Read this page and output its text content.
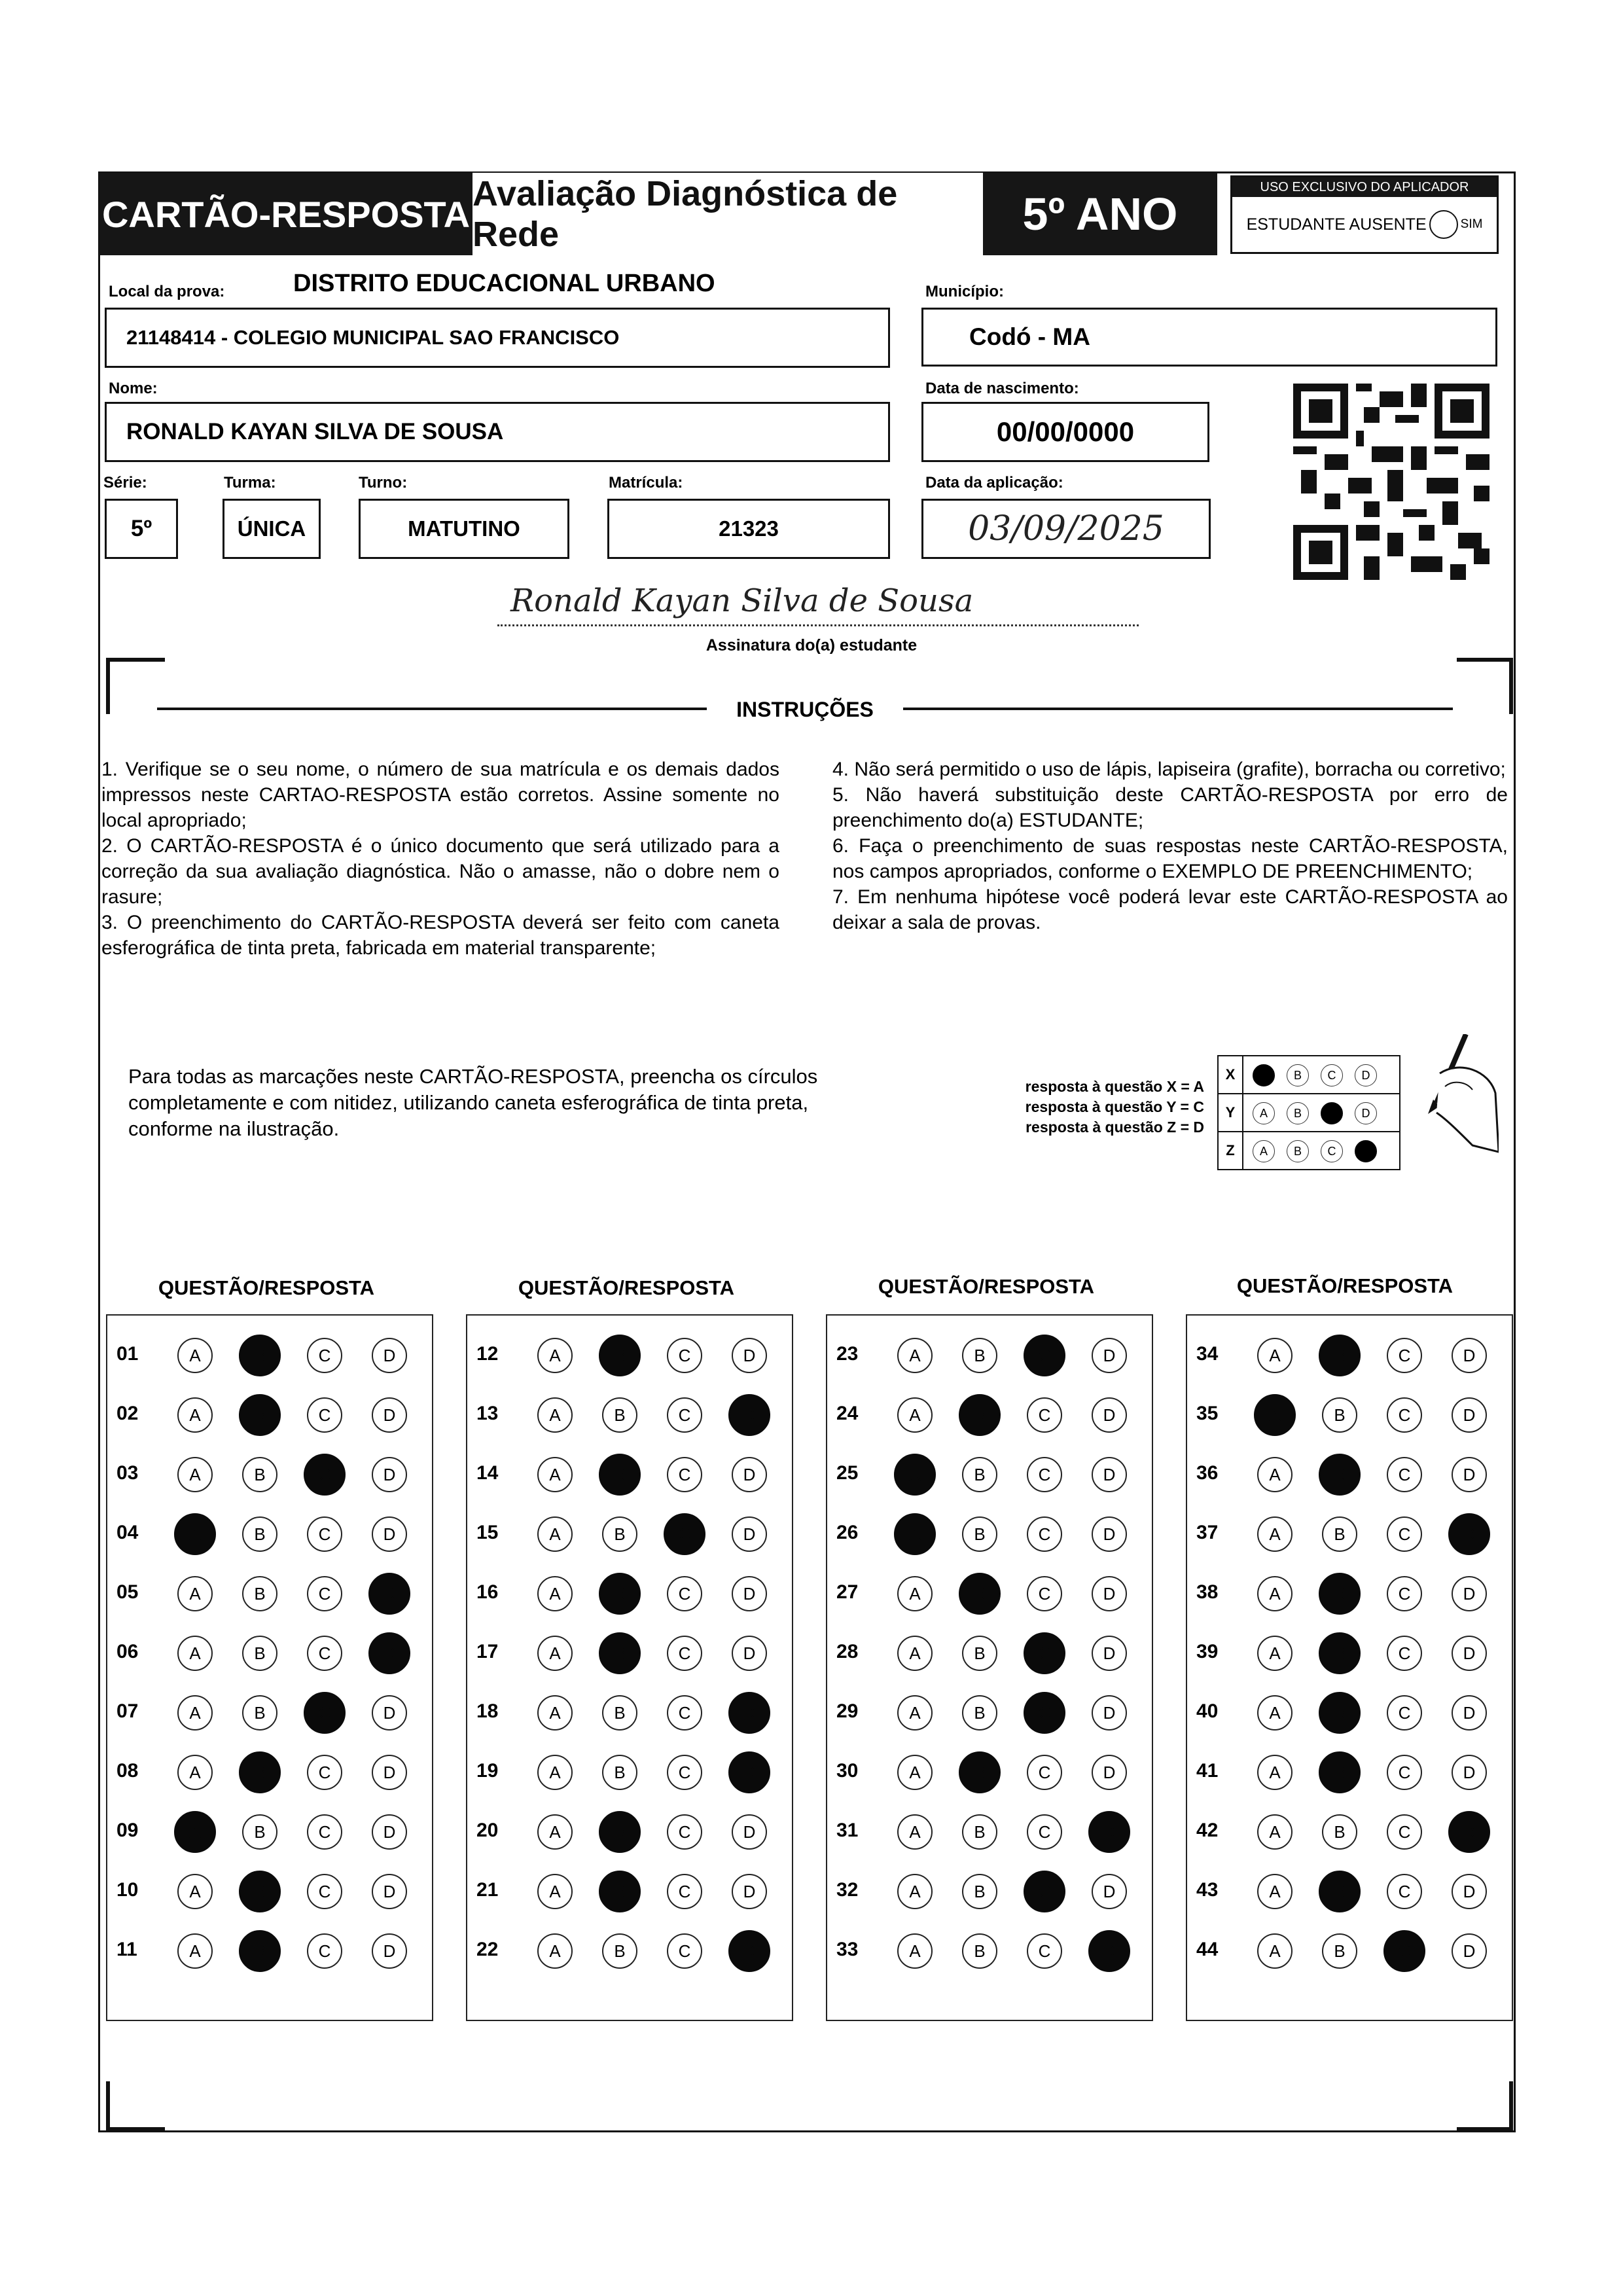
CARTÃO-RESPOSTA Avaliação Diagnóstica de Rede	5º ANO
USO EXCLUSIVO DO APLICADOR
ESTUDANTE AUSENTE	SIM
Local da prova:	DISTRITO EDUCACIONAL URBANO
21148414 - COLEGIO MUNICIPAL SAO FRANCISCO
Município:
Codó - MA
Nome:
RONALD KAYAN SILVA DE SOUSA
Data de nascimento:
00/00/0000
Série:
5º
Turma:
ÚNICA
Turno:
MATUTINO
Matrícula:
21323
Data da aplicação:
03/09/2025
Ronald Kayan Silva de Sousa
Assinatura do(a) estudante
INSTRUÇÕES

1. Verifique se o seu nome, o número de sua matrícula e os demais dados impressos neste CARTAO-RESPOSTA estão corretos. Assine somente no local apropriado;

2. O CARTÃO-RESPOSTA é o único documento que será utilizado para a correção da sua avaliação diagnóstica. Não o amasse, não o dobre nem o rasure;

3. O preenchimento do CARTÃO-RESPOSTA deverá ser feito com caneta esferográfica de tinta preta, fabricada em material transparente;

4. Não será permitido o uso de lápis, lapiseira (grafite), borracha ou corretivo;

5. Não haverá substituição deste CARTÃO-RESPOSTA por erro de preenchimento do(a) ESTUDANTE;

6. Faça o preenchimento de suas respostas neste CARTÃO-RESPOSTA, nos campos apropriados, conforme o EXEMPLO DE PREENCHIMENTO;

7. Em nenhuma hipótese você poderá levar este CARTÃO-RESPOSTA ao deixar a sala de provas.

Para todas as marcações neste CARTÃO-RESPOSTA, preencha os círculos completamente e com nitidez, utilizando caneta esferográfica de tinta preta, conforme na ilustração.
resposta à questão X = A
resposta à questão Y = C
resposta à questão Z = D
X	A	B	C	D
Y	A	B	C	D
Z	A	B	C	D
QUESTÃO/RESPOSTA	QUESTÃO/RESPOSTA	QUESTÃO/RESPOSTA	QUESTÃO/RESPOSTA
01	A	B	C	D
02	A	B	C	D
03	A	B	C	D
04	A	B	C	D
05	A	B	C	D
06	A	B	C	D
07	A	B	C	D
08	A	B	C	D
09	A	B	C	D
10	A	B	C	D
11	A	B	C	D
12	A	B	C	D
13	A	B	C	D
14	A	B	C	D
15	A	B	C	D
16	A	B	C	D
17	A	B	C	D
18	A	B	C	D
19	A	B	C	D
20	A	B	C	D
21	A	B	C	D
22	A	B	C	D
23	A	B	C	D
24	A	B	C	D
25	A	B	C	D
26	A	B	C	D
27	A	B	C	D
28	A	B	C	D
29	A	B	C	D
30	A	B	C	D
31	A	B	C	D
32	A	B	C	D
33	A	B	C	D
34	A	B	C	D
35	A	B	C	D
36	A	B	C	D
37	A	B	C	D
38	A	B	C	D
39	A	B	C	D
40	A	B	C	D
41	A	B	C	D
42	A	B	C	D
43	A	B	C	D
44	A	B	C	D
